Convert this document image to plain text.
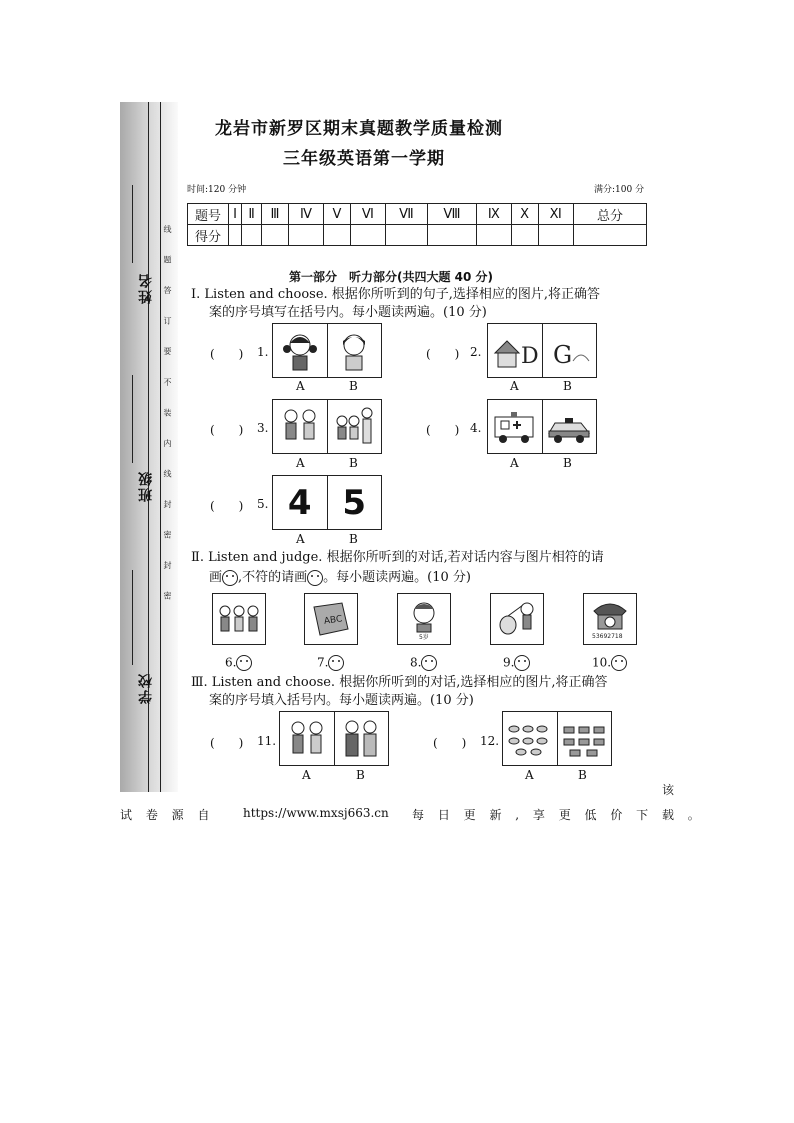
姓名
班级
学校
线 题 答 订 要 不 装 内 线 封 密 封 密
龙岩市新罗区期末真题教学质量检测
三年级英语第一学期
时间:120 分钟	满分:100 分
题号	Ⅰ	Ⅱ	Ⅲ	Ⅳ	Ⅴ	Ⅵ	Ⅶ	Ⅷ	Ⅸ	Ⅹ	Ⅺ	总分
得分												
第一部分　听力部分(共四大题 40 分)
Ⅰ. Listen and choose. 根据你所听到的句子,选择相应的图片,将正确答
案的序号填写在括号内。每小题读两遍。(10 分)
(　　) 1.
A	B
(　　) 2. D G
A	B
(　　) 3.
A	B
(　　) 4.
A	B
(　　) 5. 4 5
A	B
Ⅱ. Listen and judge. 根据你所听到的对话,若对话内容与图片相符的请
画 ,不符的请画 。每小题读两遍。(10 分)
ABC
5岁	53692718
6.	7.	8.	9.	10.
Ⅲ. Listen and choose. 根据你所听到的对话,选择相应的图片,将正确答
案的序号填入括号内。每小题读两遍。(10 分)
(　　) 11.
A	B
(　　) 12.
A	B
该
试 卷 源 自 https://www.mxsj663.cn 每 日 更 新 , 享 更 低 价 下 载 。
